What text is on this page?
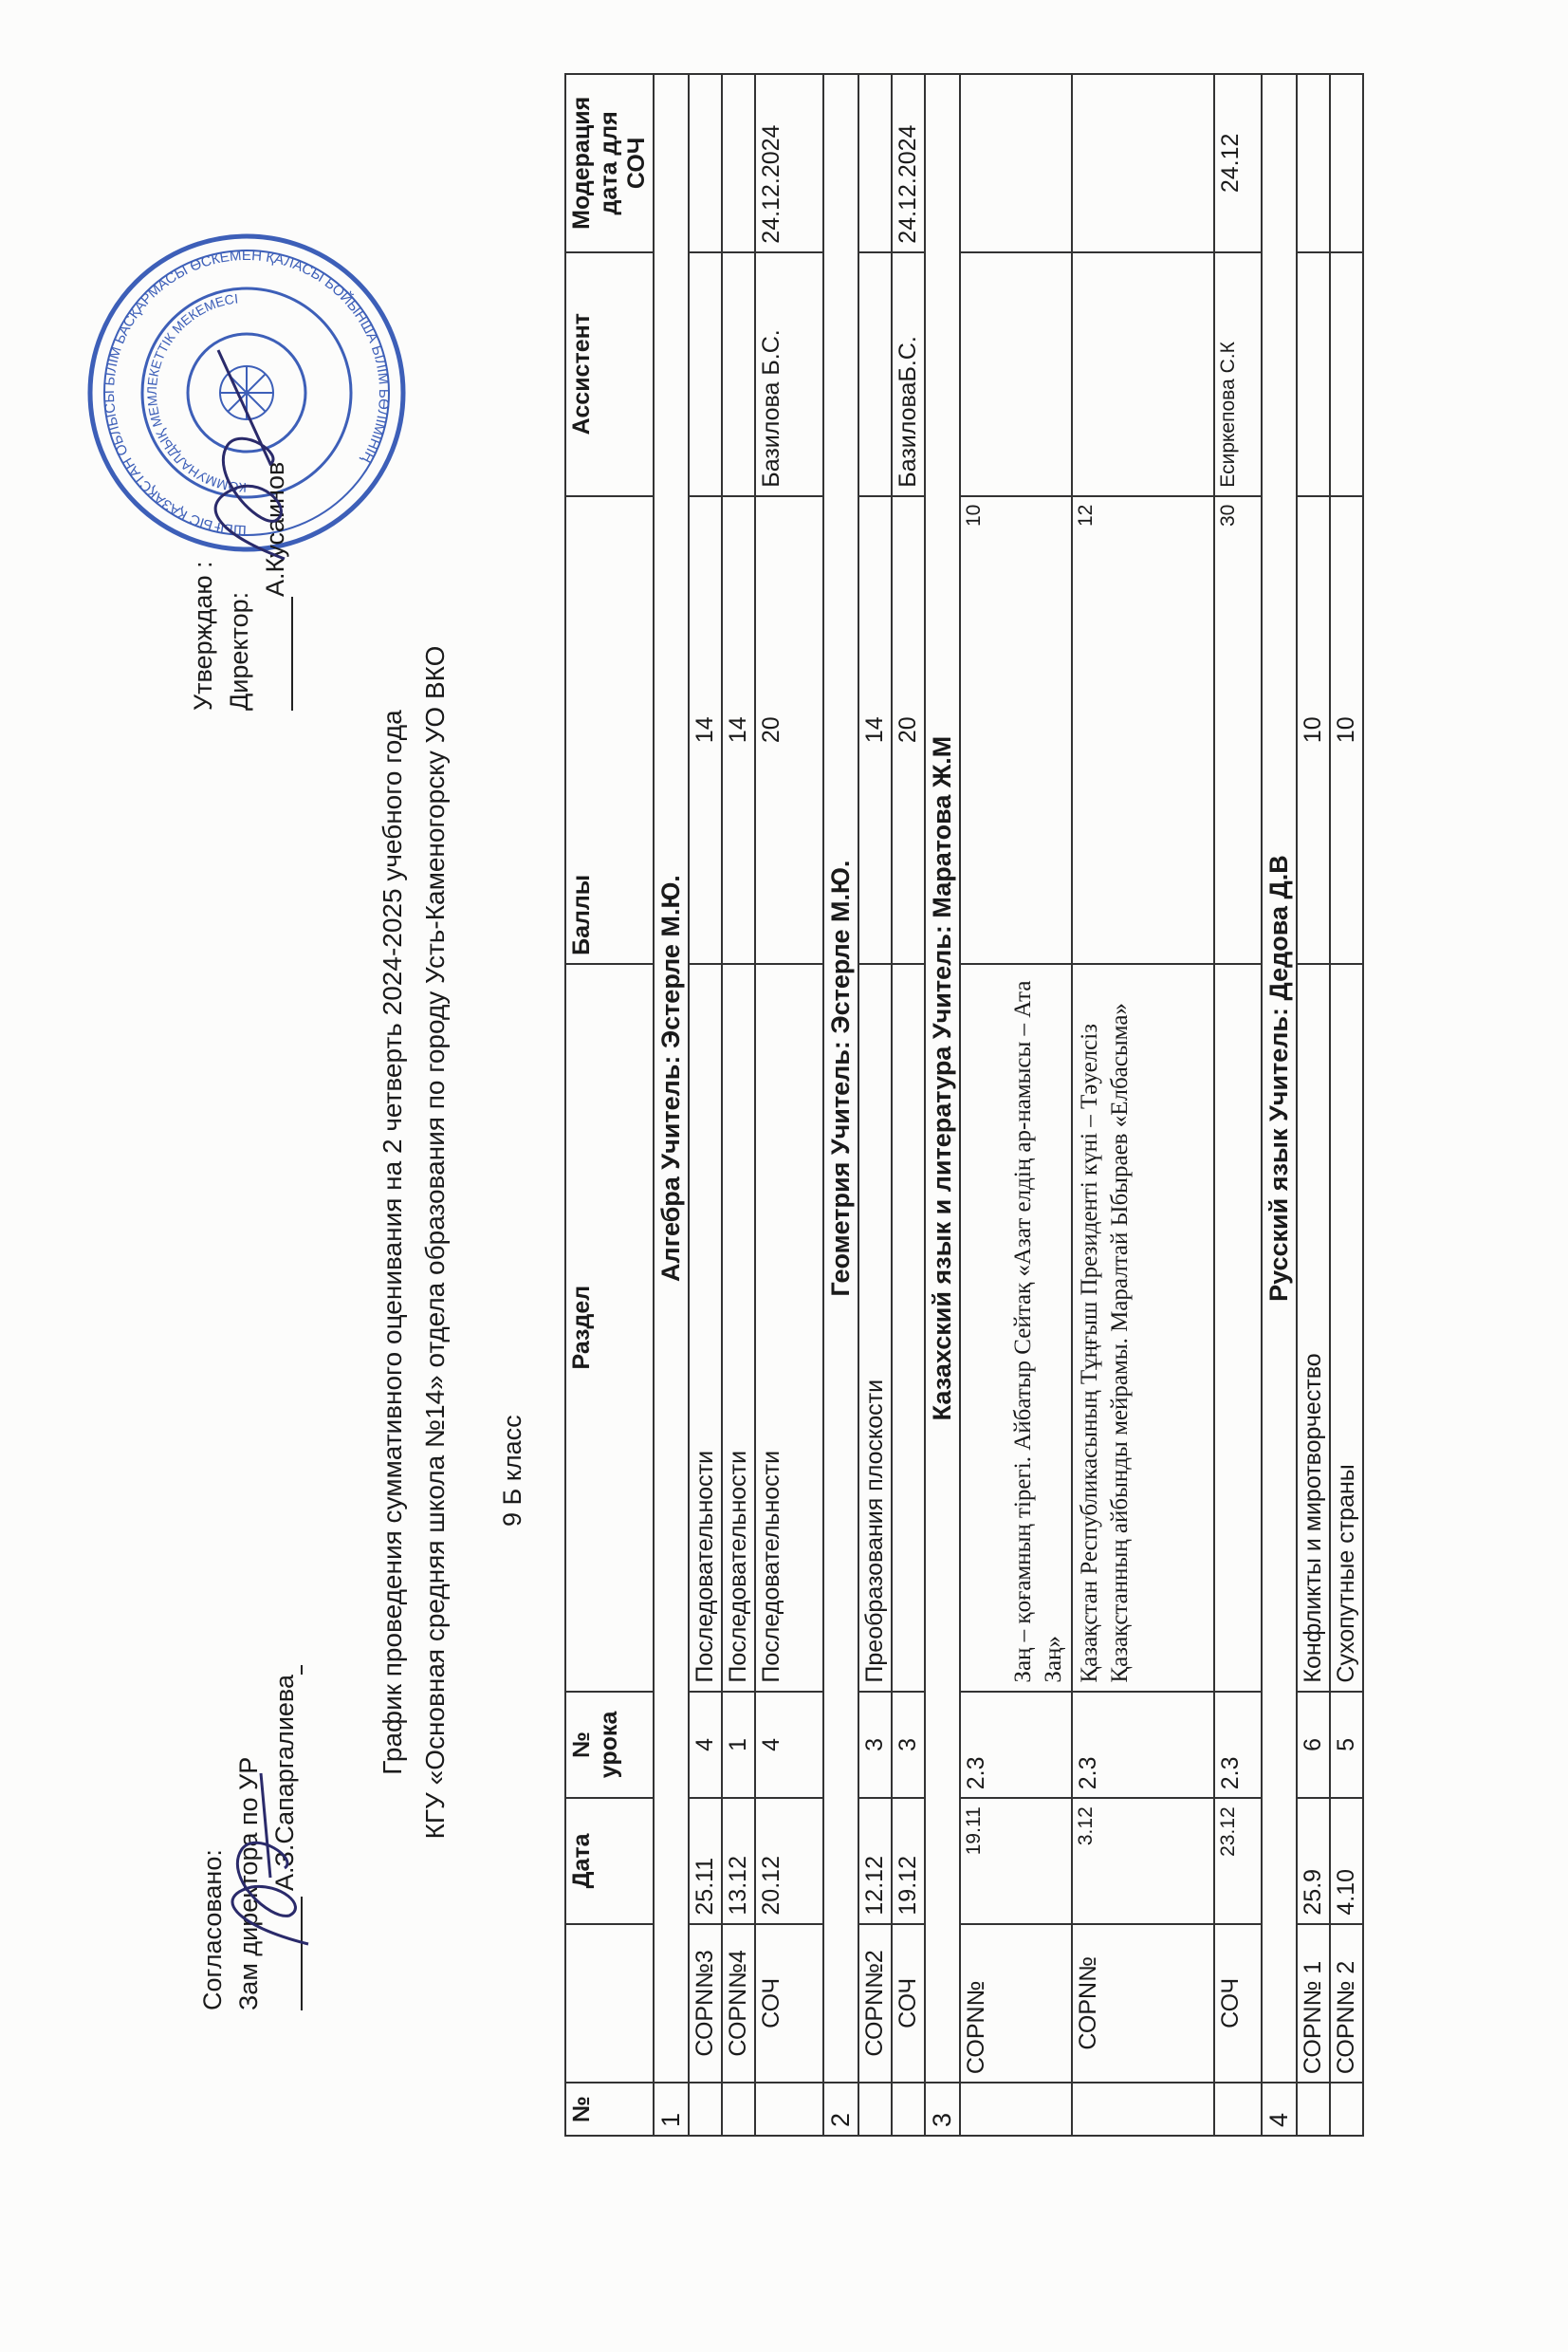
Согласовано: Зам директора по УР А.З.Сапаргалиева
ШЫҒЫС ҚАЗАҚСТАН ОБЛЫСЫ БІЛІМ БАСҚАРМАСЫ ӨСКЕМЕН ҚАЛАСЫ БОЙЫНША БІЛІМ БӨЛІМІНІҢ
КОММУНАЛДЫҚ МЕМЛЕКЕТТІК МЕКЕМЕСІ
Утверждаю : Директор:
А.Кусаинов
График проведения суммативного оценивания на 2 четверть 2024-2025 учебного года КГУ «Основная средняя школа №14» отдела образования по городу Усть-Каменогорску УО ВКО 9 Б класс
№		Дата	№ урока	Раздел	Баллы	Ассистент	Модерация дата для СОЧ
1	Алгебра Учитель: Эстерле М.Ю.						
	СОРN№3	25.11	4	Последовательности	14		
	СОРN№4	13.12	1	Последовательности	14		
	СОЧ	20.12	4	Последовательности	20	Базилова Б.С.	24.12.2024
2	Геометрия Учитель: Эстерле М.Ю.						
	СОРN№2	12.12	3	Преобразования плоскости	14		
	СОЧ	19.12	3		20	БазиловаБ.С.	24.12.2024
3	Казахский язык и литература Учитель: Маратова Ж.М						
	СОРN№	19.11	2.3	Заң – қоғамның тірегі. Айбатыр Сейтақ «Азат елдің ар-намысы – Ата Заң»	10		
	СОРN№	3.12	2.3	Қазақстан Республикасының Тұңғыш Президенті күні – Тәуелсіз Қазақстанның айбынды мейрамы. Маралтай Ыбыраев «Елбасыма»	12		
	СОЧ	23.12	2.3		30	Есиркепова С.К	24.12
4	Русский язык Учитель: Дедова Д.В						
	СОРN№ 1	25.9	6	Конфликты и миротворчество	10		
	СОРN№ 2	4.10	5	Сухопутные страны	10		
